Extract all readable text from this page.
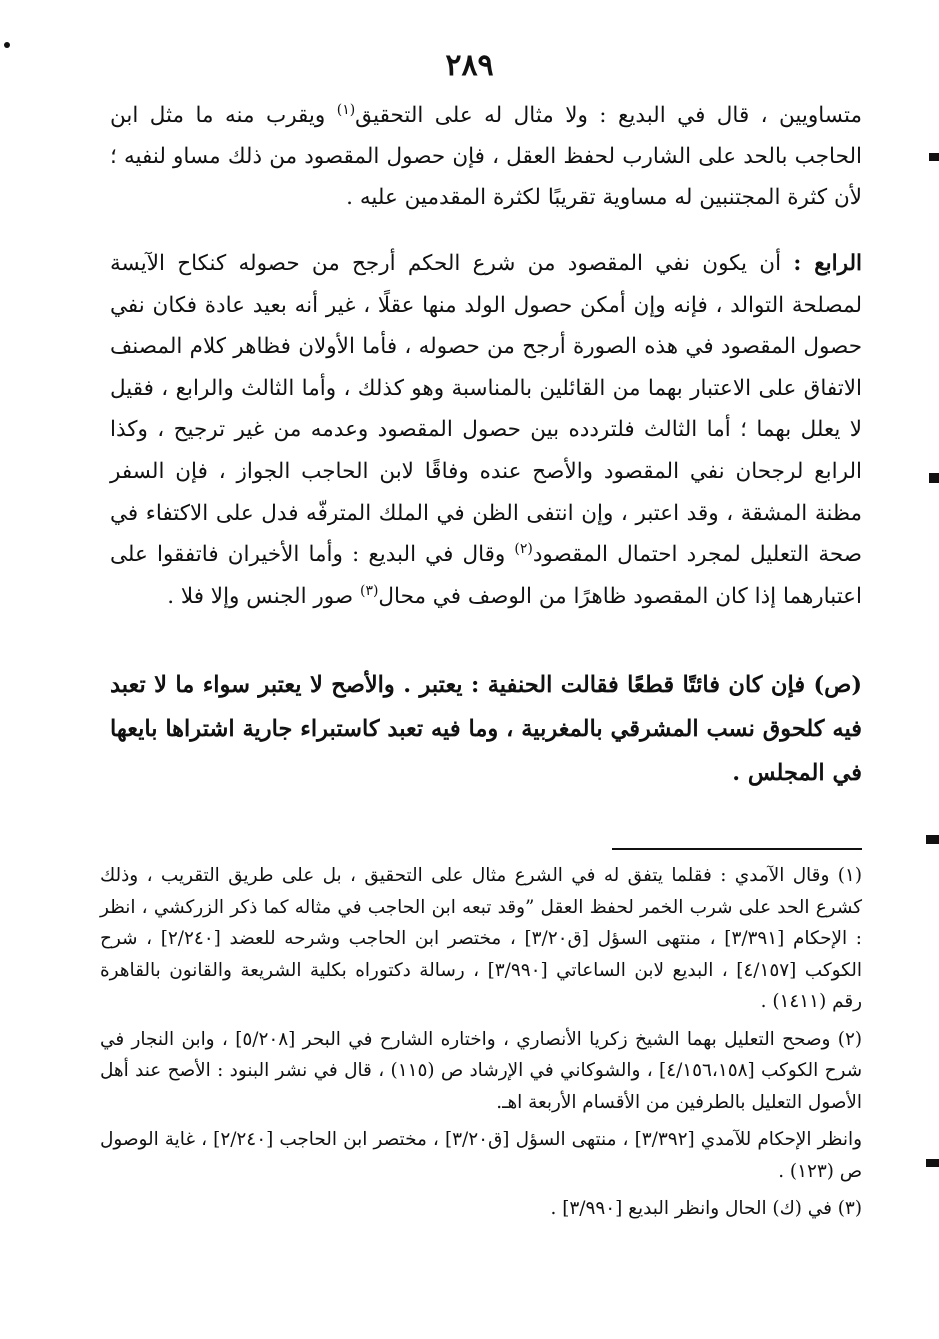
٢٨٩

متساويين ، قال في البديع : ولا مثال له على التحقيق$^{(١)}$ ويقرب منه ما مثل ابن الحاجب بالحد على الشارب لحفظ العقل ، فإن حصول المقصود من ذلك مساو لنفيه ؛ لأن كثرة المجتنبين له مساوية تقريبًا لكثرة المقدمين عليه .

الرابع : أن يكون نفي المقصود من شرع الحكم أرجح من حصوله كنكاح الآيسة لمصلحة التوالد ، فإنه وإن أمكن حصول الولد منها عقلًا ، غير أنه بعيد عادة فكان نفي حصول المقصود في هذه الصورة أرجح من حصوله ، فأما الأولان فظاهر كلام المصنف الاتفاق على الاعتبار بهما من القائلين بالمناسبة وهو كذلك ، وأما الثالث والرابع ، فقيل لا يعلل بهما ؛ أما الثالث فلتردده بين حصول المقصود وعدمه من غير ترجيح ، وكذا الرابع لرجحان نفي المقصود والأصح عنده وفاقًا لابن الحاجب الجواز ، فإن السفر مظنة المشقة ، وقد اعتبر ، وإن انتفى الظن في الملك المترفّه فدل على الاكتفاء في صحة التعليل لمجرد احتمال المقصود$^{(٢)}$ وقال في البديع : وأما الأخيران فاتفقوا على اعتبارهما إذا كان المقصود ظاهرًا من الوصف في محال$^{(٣)}$ صور الجنس وإلا فلا .

(ص) فإن كان فائتًا قطعًا فقالت الحنفية : يعتبر . والأصح لا يعتبر سواء ما لا تعبد فيه كلحوق نسب المشرقي بالمغربية ، وما فيه تعبد كاستبراء جارية اشتراها بايعها في المجلس .

(١) وقال الآمدي : فقلما يتفق له في الشرع مثال على التحقيق ، بل على طريق التقريب ، وذلك كشرع الحد على شرب الخمر لحفظ العقل ”وقد تبعه ابن الحاجب في مثاله كما ذكر الزركشي ، انظر : الإحكام [٣/٣٩١] ، منتهى السؤل [ق٣/٢٠] ، مختصر ابن الحاجب وشرحه للعضد [٢/٢٤٠] ، شرح الكوكب [٤/١٥٧] ، البديع لابن الساعاتي [٣/٩٩٠] ، رسالة دكتوراه بكلية الشريعة والقانون بالقاهرة رقم (١٤١١) .

(٢) وصحح التعليل بهما الشيخ زكريا الأنصاري ، واختاره الشارح في البحر [٥/٢٠٨] ، وابن النجار في شرح الكوكب [٤/١٥٦،١٥٨] ، والشوكاني في الإرشاد ص (١١٥) ، قال في نشر البنود : الأصح عند أهل الأصول التعليل بالطرفين من الأقسام الأربعة اهـ.

وانظر الإحكام للآمدي [٣/٣٩٢] ، منتهى السؤل [ق٣/٢٠] ، مختصر ابن الحاجب [٢/٢٤٠] ، غاية الوصول ص (١٢٣) .

(٣) في (ك) الحال وانظر البديع [٣/٩٩٠] .
